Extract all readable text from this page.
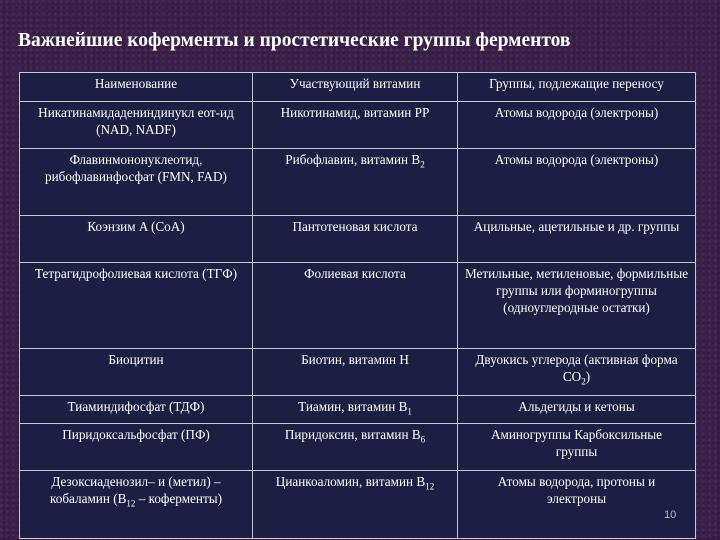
Важнейшие коферменты и простетические группы ферментов
Наименование	Участвующий витамин	Группы, подлежащие переносу
Никатинамидадениндинукл еот-ид (NAD, NADF)	Никотинамид, витамин PP	Атомы водорода (электроны)
Флавинмононуклеотид, рибофлавинфосфат (FMN, FAD)	Рибофлавин, витамин $B_2$	Атомы водорода (электроны)
Коэнзим A (CoA)	Пантотеновая кислота	Ацильные, ацетильные и др. группы
Тетрагидрофолиевая кислота (ТГФ)	Фолиевая кислота	Метильные, метиленовые, формильные группы или форминогруппы (одноуглеродные остатки)
Биоцитин	Биотин, витамин H	Двуокись углерода (активная форма $CO_2$)
Тиаминдифосфат (ТДФ)	Тиамин, витамин $B_1$	Альдегиды и кетоны
Пиридоксальфосфат (ПФ)	Пиридоксин, витамин $B_6$	Аминогруппы Карбоксильные группы
Дезоксиаденозил– и (метил) –кобаламин ($B_{12}$ – коферменты)	Цианкоаломин, витамин $B_{12}$	Атомы водорода, протоны и электроны
10
